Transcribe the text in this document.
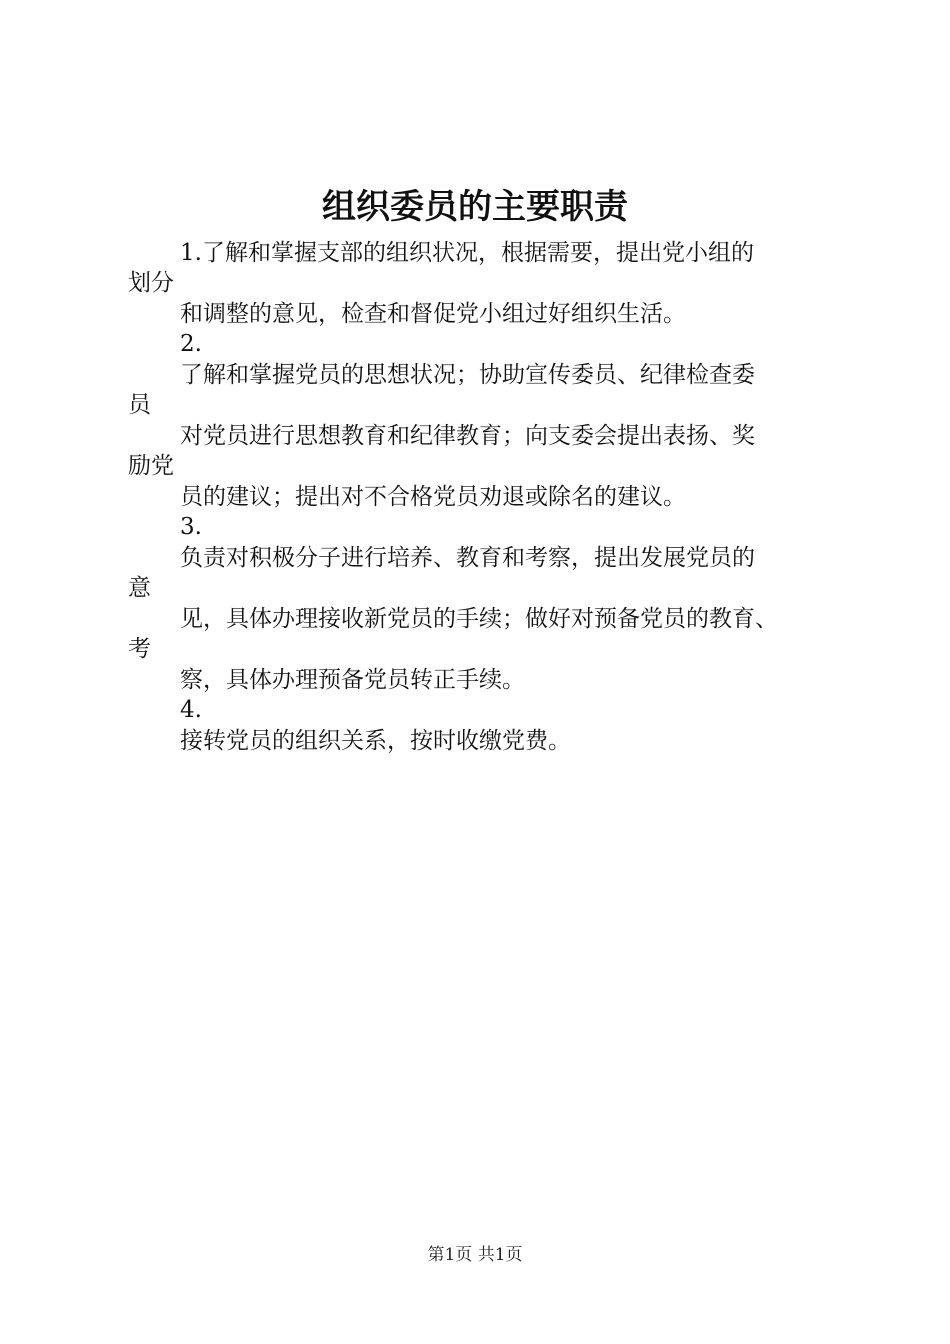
组织委员的主要职责
1.了解和掌握支部的组织状况，根据需要，提出党小组的
划分
和调整的意见，检查和督促党小组过好组织生活。
2.
了解和掌握党员的思想状况；协助宣传委员、纪律检查委
员
对党员进行思想教育和纪律教育；向支委会提出表扬、奖
励党
员的建议；提出对不合格党员劝退或除名的建议。
3.
负责对积极分子进行培养、教育和考察，提出发展党员的
意
见，具体办理接收新党员的手续；做好对预备党员的教育、
考
察，具体办理预备党员转正手续。
4.
接转党员的组织关系，按时收缴党费。
第1页 共1页
